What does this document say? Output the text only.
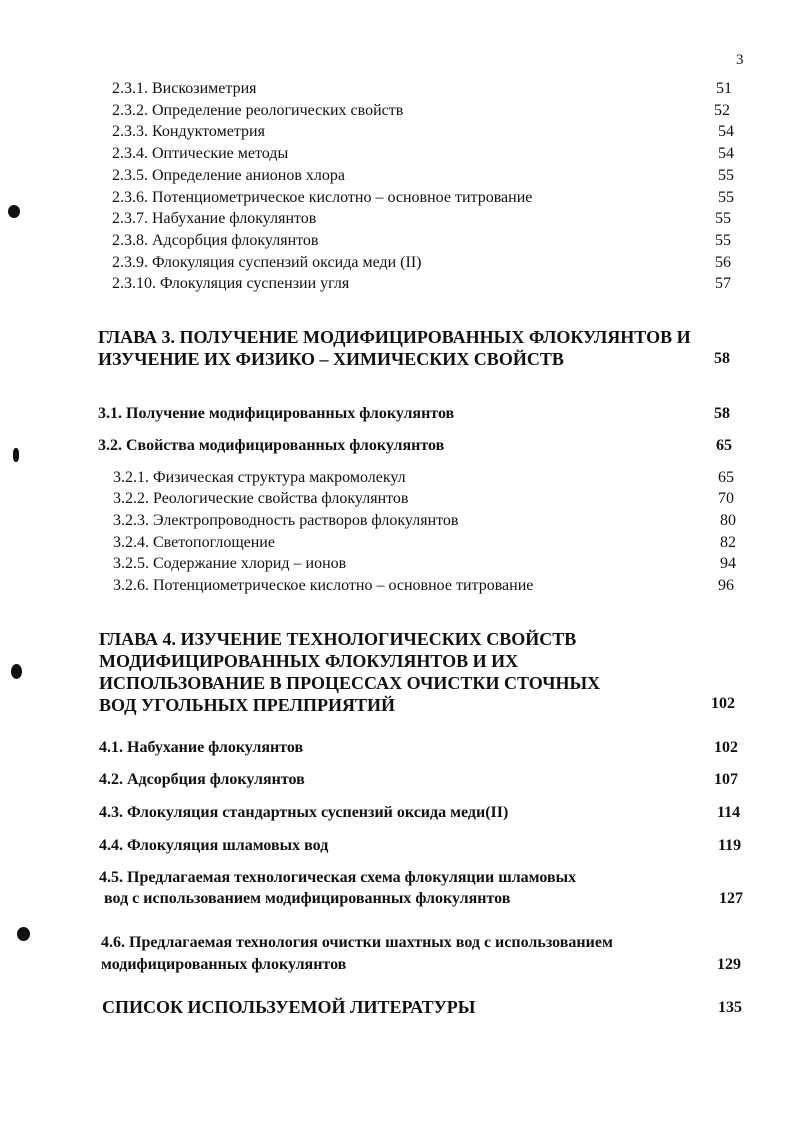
3
2.3.1. Вискозиметрия	51
2.3.2. Определение реологических свойств	52
2.3.3. Кондуктометрия	54
2.3.4. Оптические методы	54
2.3.5. Определение анионов хлора	55
2.3.6. Потенциометрическое кислотно – основное титрование	55
2.3.7. Набухание флокулянтов	55
2.3.8. Адсорбция флокулянтов	55
2.3.9. Флокуляция суспензий оксида меди (II)	56
2.3.10. Флокуляция суспензии угля	57
ГЛАВА 3. ПОЛУЧЕНИЕ МОДИФИЦИРОВАННЫХ ФЛОКУЛЯНТОВ И
ИЗУЧЕНИЕ ИХ ФИЗИКО – ХИМИЧЕСКИХ СВОЙСТВ	58
3.1. Получение модифицированных флокулянтов	58
3.2. Свойства модифицированных флокулянтов	65
3.2.1. Физическая структура макромолекул	65
3.2.2. Реологические свойства флокулянтов	70
3.2.3. Электропроводность растворов флокулянтов	80
3.2.4. Светопоглощение	82
3.2.5. Содержание хлорид – ионов	94
3.2.6. Потенциометрическое кислотно – основное титрование	96
ГЛАВА 4. ИЗУЧЕНИЕ ТЕХНОЛОГИЧЕСКИХ СВОЙСТВ
МОДИФИЦИРОВАННЫХ ФЛОКУЛЯНТОВ И ИХ
ИСПОЛЬЗОВАНИЕ В ПРОЦЕССАХ ОЧИСТКИ СТОЧНЫХ
ВОД УГОЛЬНЫХ ПРЕЛПРИЯТИЙ	102
4.1. Набухание флокулянтов	102
4.2. Адсорбция флокулянтов	107
4.3. Флокуляция стандартных суспензий оксида меди(II)	114
4.4. Флокуляция шламовых вод	119
4.5. Предлагаемая технологическая схема флокуляции шламовых
вод с использованием модифицированных флокулянтов	127
4.6. Предлагаемая технология очистки шахтных вод с использованием
модифицированных флокулянтов	129
СПИСОК ИСПОЛЬЗУЕМОЙ ЛИТЕРАТУРЫ	135
